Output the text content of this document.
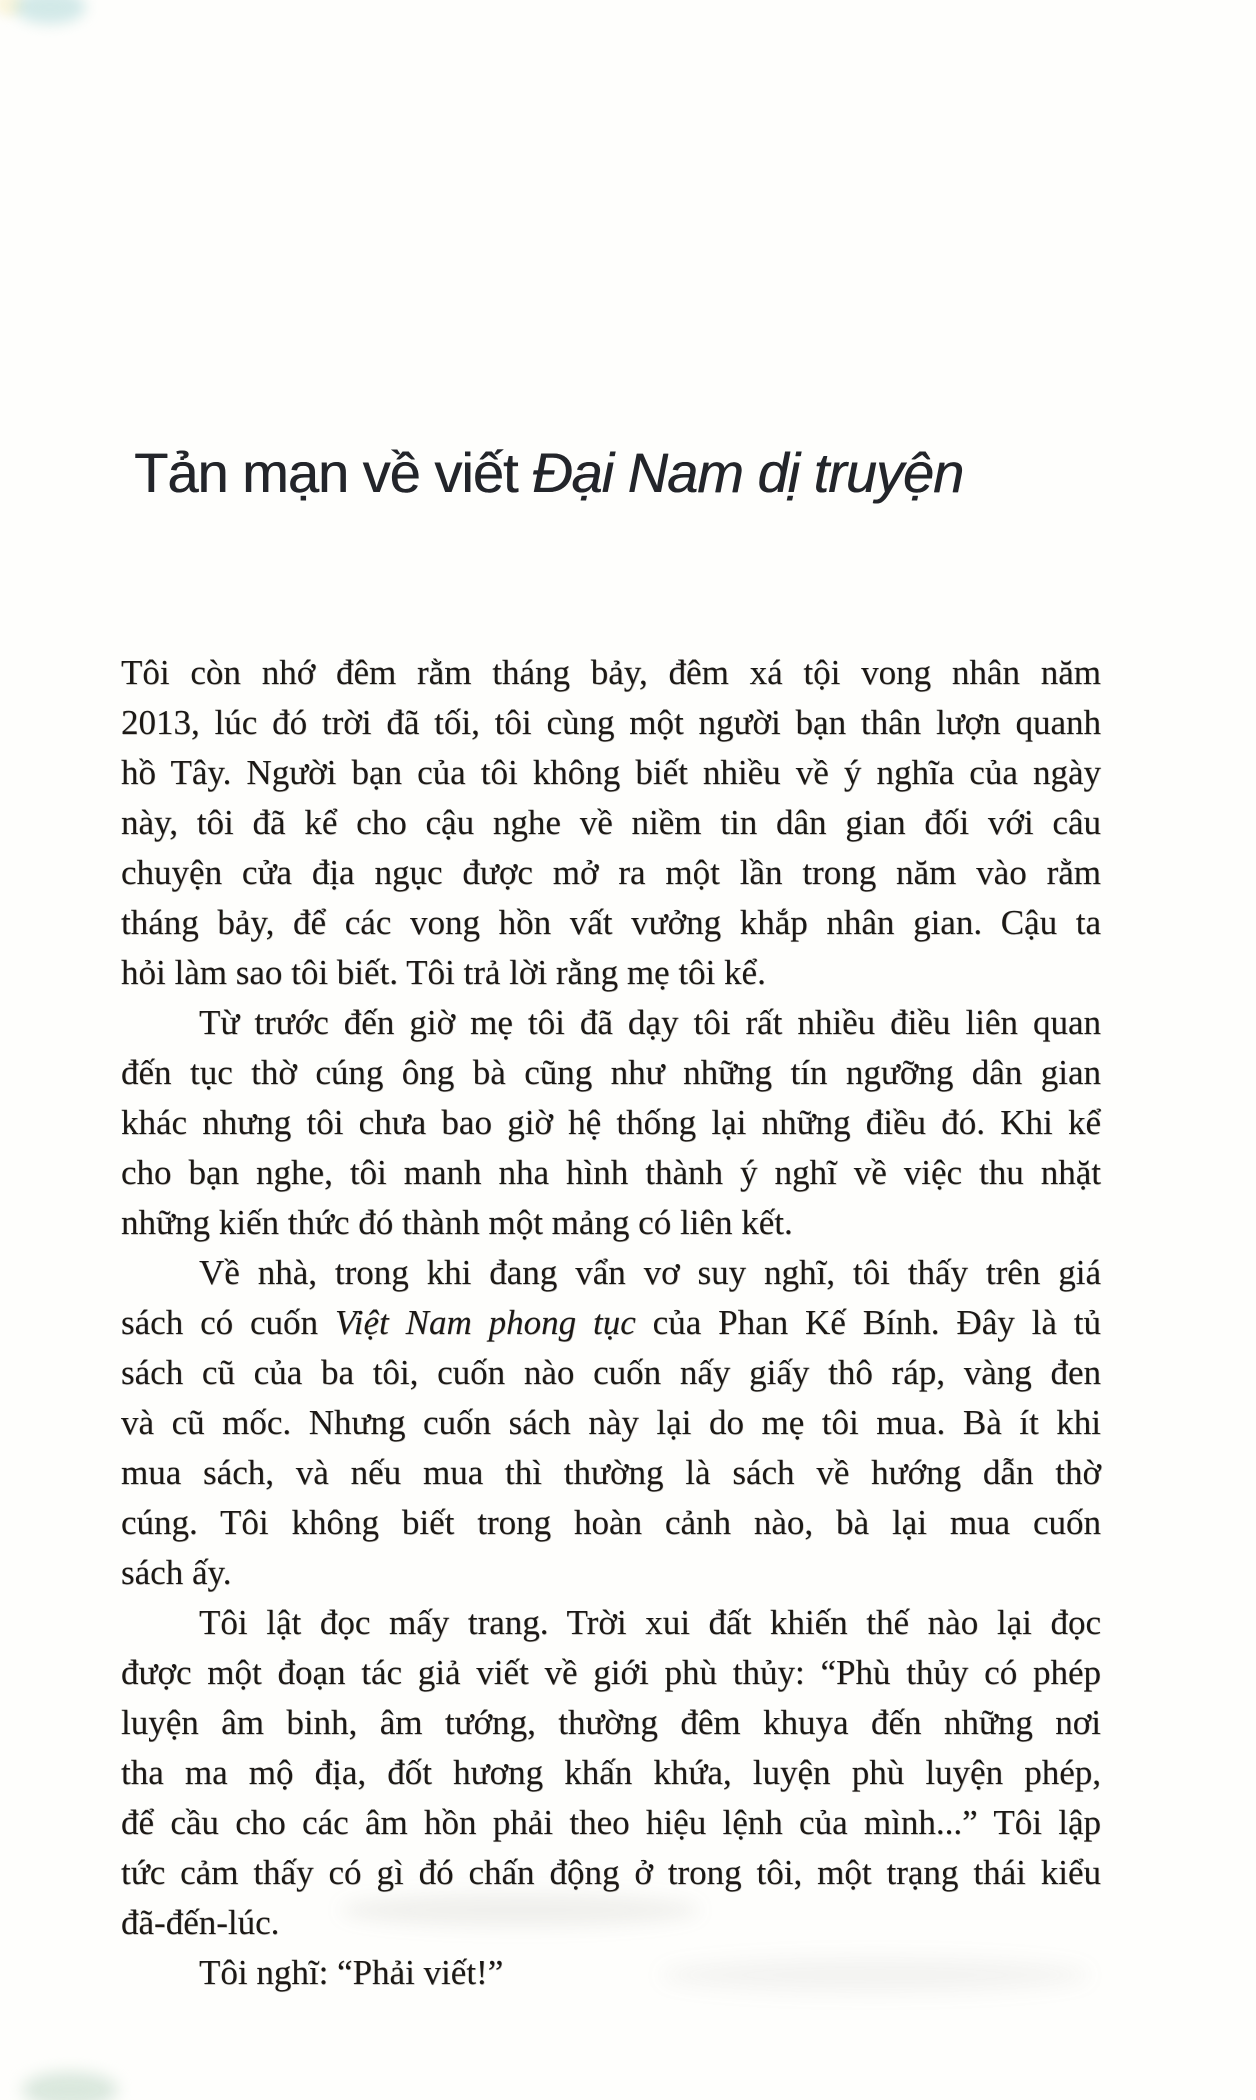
Tản mạn về viết Đại Nam dị truyện
Tôi còn nhớ đêm rằm tháng bảy, đêm xá tội vong nhân năm
2013, lúc đó trời đã tối, tôi cùng một người bạn thân lượn quanh
hồ Tây. Người bạn của tôi không biết nhiều về ý nghĩa của ngày
này, tôi đã kể cho cậu nghe về niềm tin dân gian đối với câu
chuyện cửa địa ngục được mở ra một lần trong năm vào rằm
tháng bảy, để các vong hồn vất vưởng khắp nhân gian. Cậu ta
hỏi làm sao tôi biết. Tôi trả lời rằng mẹ tôi kể.
Từ trước đến giờ mẹ tôi đã dạy tôi rất nhiều điều liên quan
đến tục thờ cúng ông bà cũng như những tín ngưỡng dân gian
khác nhưng tôi chưa bao giờ hệ thống lại những điều đó. Khi kể
cho bạn nghe, tôi manh nha hình thành ý nghĩ về việc thu nhặt
những kiến thức đó thành một mảng có liên kết.
Về nhà, trong khi đang vẩn vơ suy nghĩ, tôi thấy trên giá
sách có cuốn Việt Nam phong tục của Phan Kế Bính. Đây là tủ
sách cũ của ba tôi, cuốn nào cuốn nấy giấy thô ráp, vàng đen
và cũ mốc. Nhưng cuốn sách này lại do mẹ tôi mua. Bà ít khi
mua sách, và nếu mua thì thường là sách về hướng dẫn thờ
cúng. Tôi không biết trong hoàn cảnh nào, bà lại mua cuốn
sách ấy.
Tôi lật đọc mấy trang. Trời xui đất khiến thế nào lại đọc
được một đoạn tác giả viết về giới phù thủy: “Phù thủy có phép
luyện âm binh, âm tướng, thường đêm khuya đến những nơi
tha ma mộ địa, đốt hương khấn khứa, luyện phù luyện phép,
để cầu cho các âm hồn phải theo hiệu lệnh của mình...” Tôi lập
tức cảm thấy có gì đó chấn động ở trong tôi, một trạng thái kiểu
đã-đến-lúc.
Tôi nghĩ: “Phải viết!”
